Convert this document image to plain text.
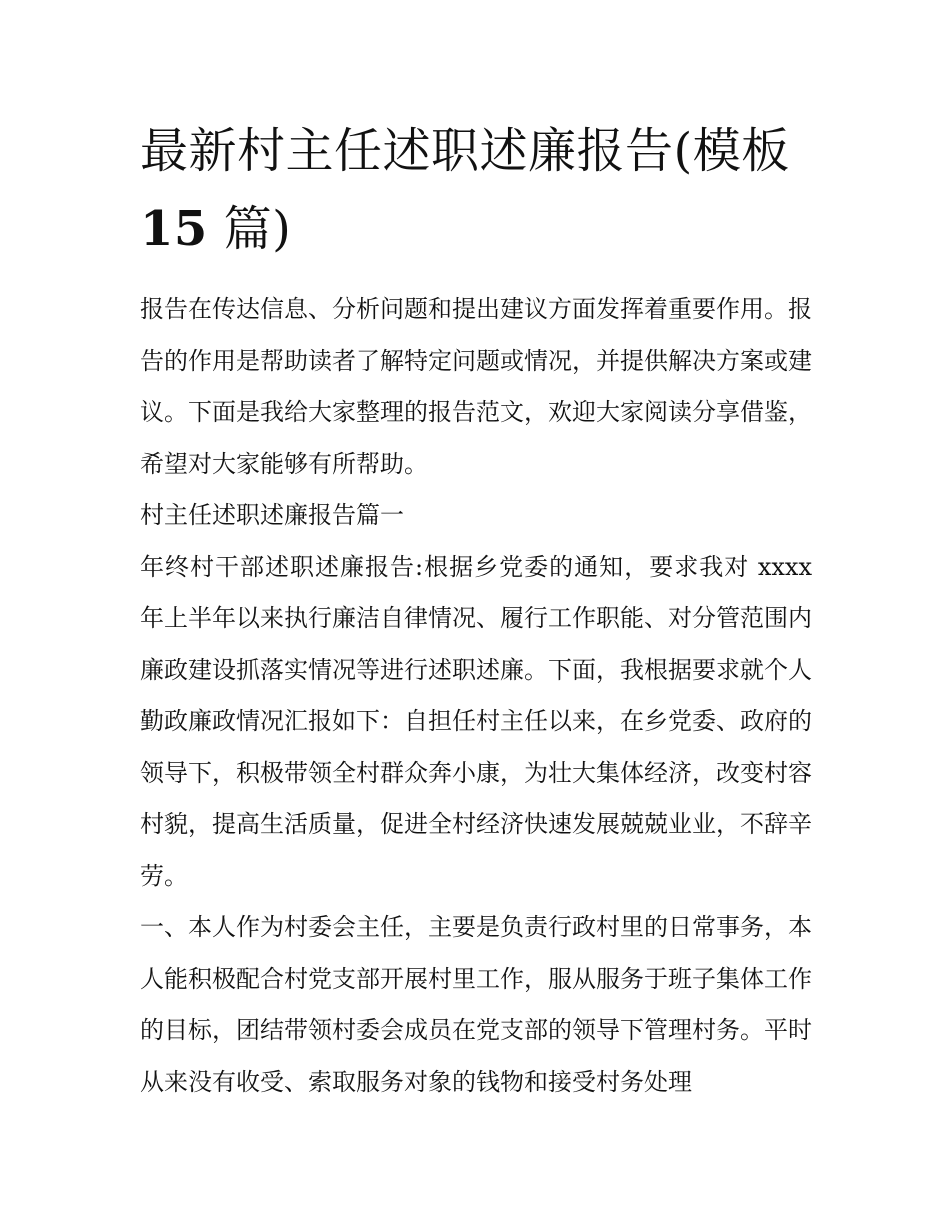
最新村主任述职述廉报告(模板
15 篇)

报告在传达信息、分析问题和提出建议方面发挥着重要作用。报告的作用是帮助读者了解特定问题或情况，并提供解决方案或建议。下面是我给大家整理的报告范文，欢迎大家阅读分享借鉴，希望对大家能够有所帮助。

村主任述职述廉报告篇一

年终村干部述职述廉报告:根据乡党委的通知，要求我对 xxxx 年上半年以来执行廉洁自律情况、履行工作职能、对分管范围内廉政建设抓落实情况等进行述职述廉。下面，我根据要求就个人勤政廉政情况汇报如下：自担任村主任以来，在乡党委、政府的领导下，积极带领全村群众奔小康，为壮大集体经济，改变村容村貌，提高生活质量，促进全村经济快速发展兢兢业业，不辞辛劳。

一、本人作为村委会主任，主要是负责行政村里的日常事务，本人能积极配合村党支部开展村里工作，服从服务于班子集体工作的目标，团结带领村委会成员在党支部的领导下管理村务。平时从来没有收受、索取服务对象的钱物和接受村务处理
